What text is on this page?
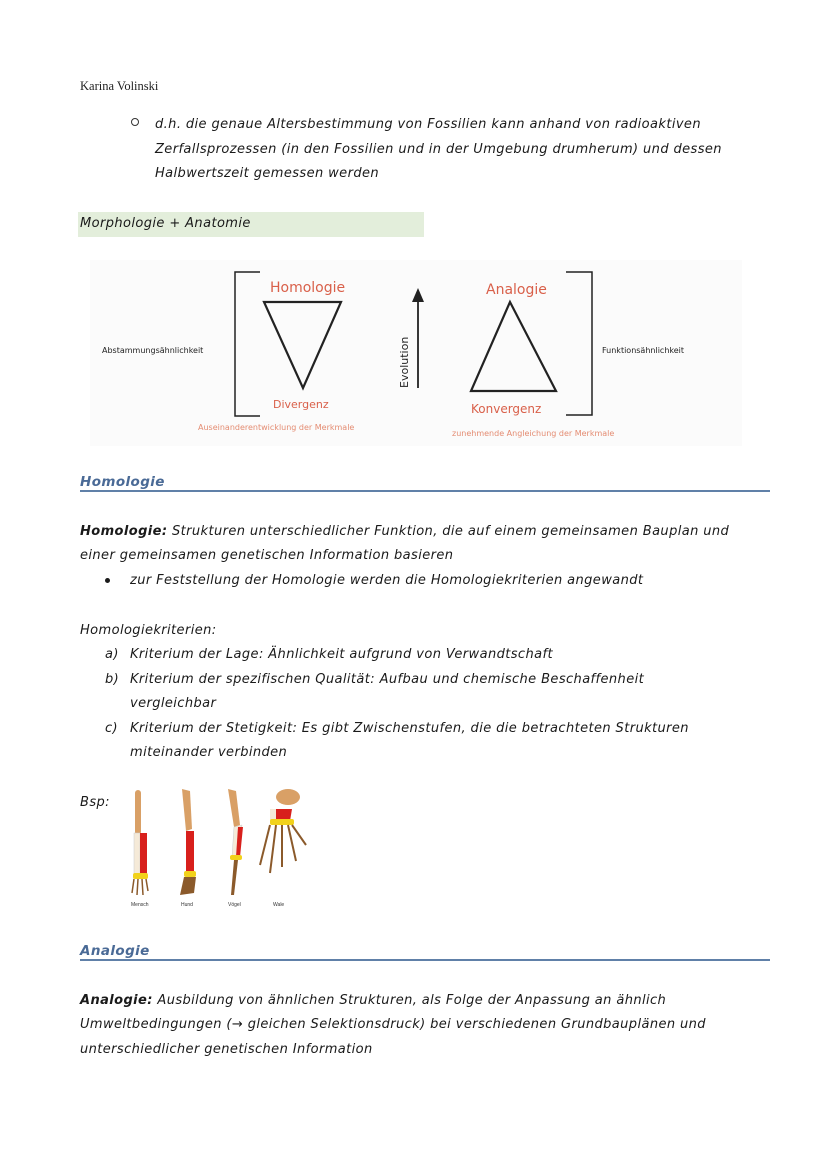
Karina Volinski

d.h. die genaue Altersbestimmung von Fossilien kann anhand von radioaktiven

Zerfallsprozessen (in den Fossilien und in der Umgebung drumherum) und dessen

Halbwertszeit gemessen werden

Morphologie + Anatomie
Homologie	Analogie
Evolution
Abstammungsähnlichkeit	Funktionsähnlichkeit
Divergenz	Konvergenz
Auseinanderentwicklung der Merkmale
zunehmende Angleichung der Merkmale
Homologie
Homologie: Strukturen unterschiedlicher Funktion, die auf einem gemeinsamen Bauplan und
einer gemeinsamen genetischen Information basieren
zur Feststellung der Homologie werden die Homologiekriterien angewandt
Homologiekriterien:
a) Kriterium der Lage: Ähnlichkeit aufgrund von Verwandtschaft
b) Kriterium der spezifischen Qualität: Aufbau und chemische Beschaffenheit
vergleichbar
c) Kriterium der Stetigkeit: Es gibt Zwischenstufen, die die betrachteten Strukturen
miteinander verbinden
Bsp:
Mensch	Hund	Vögel	Wale
Analogie
Analogie: Ausbildung von ähnlichen Strukturen, als Folge der Anpassung an ähnlich
Umweltbedingungen (→ gleichen Selektionsdruck) bei verschiedenen Grundbauplänen und
unterschiedlicher genetischen Information
